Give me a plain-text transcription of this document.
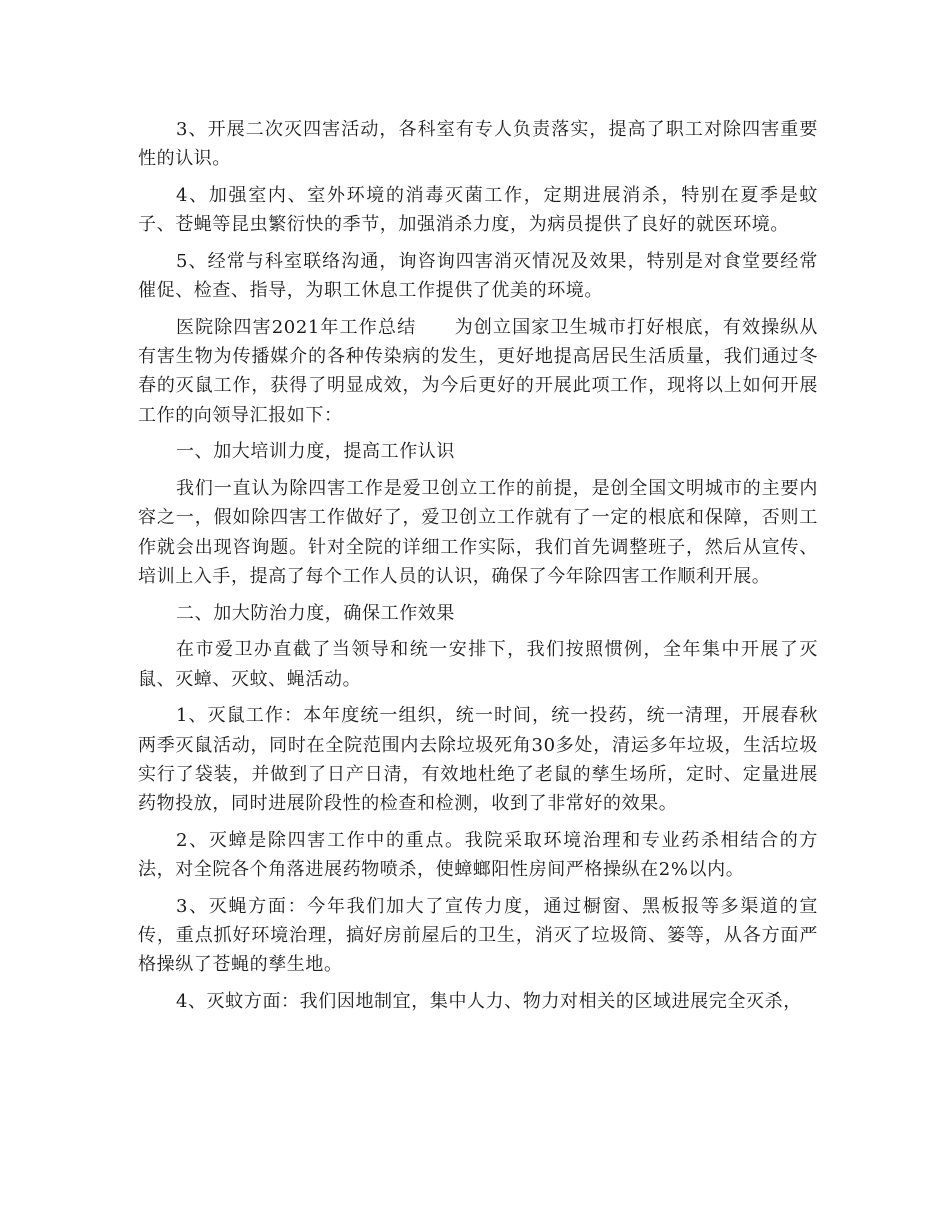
3、开展二次灭四害活动，各科室有专人负责落实，提高了职工对除四害重要性的认识。

4、加强室内、室外环境的消毒灭菌工作，定期进展消杀，特别在夏季是蚊子、苍蝇等昆虫繁衍快的季节，加强消杀力度，为病员提供了良好的就医环境。

5、经常与科室联络沟通，询咨询四害消灭情况及效果，特别是对食堂要经常催促、检查、指导，为职工休息工作提供了优美的环境。

医院除四害2021年工作总结 为创立国家卫生城市打好根底，有效操纵从有害生物为传播媒介的各种传染病的发生，更好地提高居民生活质量，我们通过冬春的灭鼠工作，获得了明显成效，为今后更好的开展此项工作，现将以上如何开展工作的向领导汇报如下：

一、加大培训力度，提高工作认识

我们一直认为除四害工作是爱卫创立工作的前提，是创全国文明城市的主要内容之一，假如除四害工作做好了，爱卫创立工作就有了一定的根底和保障，否则工作就会出现咨询题。针对全院的详细工作实际，我们首先调整班子，然后从宣传、培训上入手，提高了每个工作人员的认识，确保了今年除四害工作顺利开展。

二、加大防治力度，确保工作效果

在市爱卫办直截了当领导和统一安排下，我们按照惯例，全年集中开展了灭鼠、灭蟑、灭蚊、蝇活动。

1、灭鼠工作：本年度统一组织，统一时间，统一投药，统一清理，开展春秋两季灭鼠活动，同时在全院范围内去除垃圾死角30多处，清运多年垃圾，生活垃圾实行了袋装，并做到了日产日清，有效地杜绝了老鼠的孳生场所，定时、定量进展药物投放，同时进展阶段性的检查和检测，收到了非常好的效果。

2、灭蟑是除四害工作中的重点。我院采取环境治理和专业药杀相结合的方法，对全院各个角落进展药物喷杀，使蟑螂阳性房间严格操纵在2%以内。

3、灭蝇方面：今年我们加大了宣传力度，通过橱窗、黑板报等多渠道的宣传，重点抓好环境治理，搞好房前屋后的卫生，消灭了垃圾筒、篓等，从各方面严格操纵了苍蝇的孳生地。

4、灭蚊方面：我们因地制宜，集中人力、物力对相关的区域进展完全灭杀，
